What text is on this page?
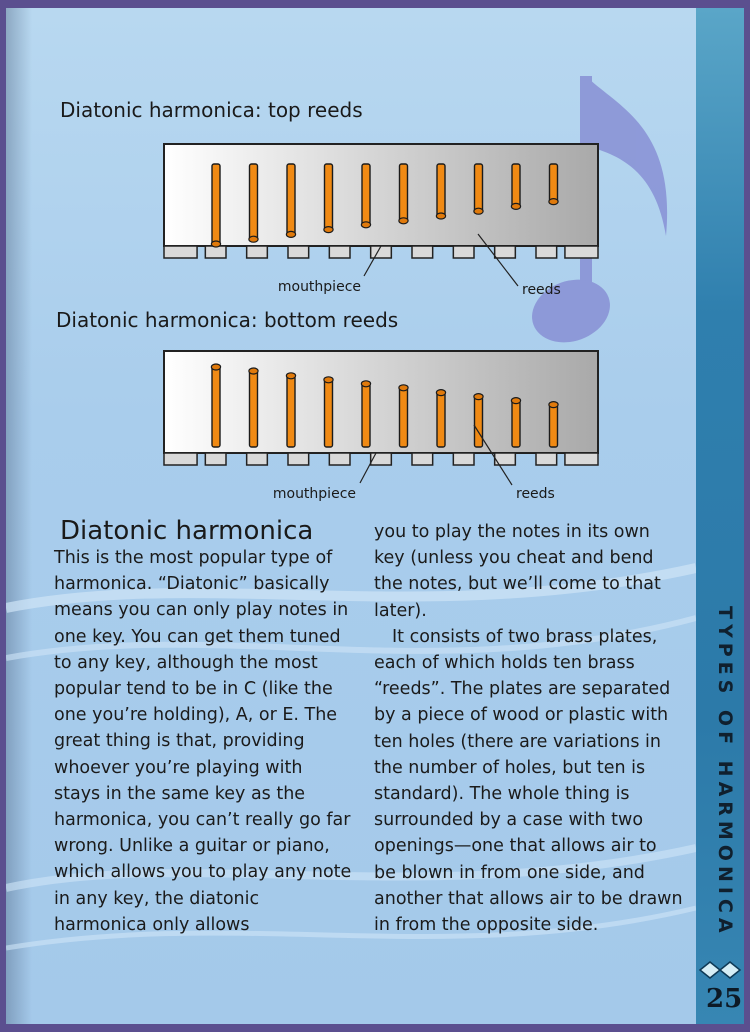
TYPES OF HARMONICA

25

Diatonic harmonica: top reeds
mouthpiece	reeds
Diatonic harmonica: bottom reeds
mouthpiece	reeds
Diatonic harmonica

This is the most popular type of harmonica. “Diatonic” basically means you can only play notes in one key. You can get them tuned to any key, although the most popular tend to be in C (like the one you’re holding), A, or E. The great thing is that, providing whoever you’re playing with stays in the same key as the harmonica, you can’t really go far wrong. Unlike a guitar or piano, which allows you to play any note in any key, the diatonic harmonica only allows

you to play the notes in its own key (unless you cheat and bend the notes, but we’ll come to that later).

It consists of two brass plates, each of which holds ten brass “reeds”. The plates are separated by a piece of wood or plastic with ten holes (there are variations in the number of holes, but ten is standard). The whole thing is surrounded by a case with two openings—one that allows air to be blown in from one side, and another that allows air to be drawn in from the opposite side.
